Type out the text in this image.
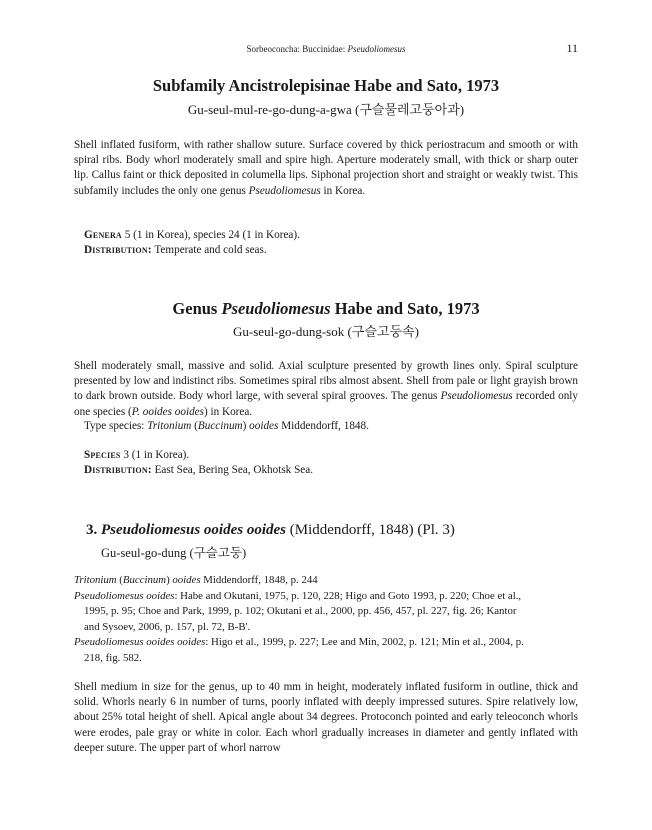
Sorbeoconcha: Buccinidae: Pseudoliomesus	11
Subfamily Ancistrolepisinae Habe and Sato, 1973
Gu-seul-mul-re-go-dung-a-gwa (구슬물레고둥아과)
Shell inflated fusiform, with rather shallow suture. Surface covered by thick periostracum and smooth or with spiral ribs. Body whorl moderately small and spire high. Aperture moderately small, with thick or sharp outer lip. Callus faint or thick deposited in columella lips. Siphonal projection short and straight or weakly twist. This subfamily includes the only one genus Pseudoliomesus in Korea.
Genera 5 (1 in Korea), species 24 (1 in Korea).
Distribution: Temperate and cold seas.
Genus Pseudoliomesus Habe and Sato, 1973
Gu-seul-go-dung-sok (구슬고둥속)
Shell moderately small, massive and solid. Axial sculpture presented by growth lines only. Spiral sculpture presented by low and indistinct ribs. Sometimes spiral ribs almost absent. Shell from pale or light grayish brown to dark brown outside. Body whorl large, with several spiral grooves. The genus Pseudoliomesus recorded only one species (P. ooides ooides) in Korea.
Type species: Tritonium (Buccinum) ooides Middendorff, 1848.
Species 3 (1 in Korea).
Distribution: East Sea, Bering Sea, Okhotsk Sea.
3. Pseudoliomesus ooides ooides (Middendorff, 1848) (Pl. 3)
Gu-seul-go-dung (구슬고둥)
Tritonium (Buccinum) ooides Middendorff, 1848, p. 244
Pseudoliomesus ooides: Habe and Okutani, 1975, p. 120, 228; Higo and Goto 1993, p. 220; Choe et al.,
1995, p. 95; Choe and Park, 1999, p. 102; Okutani et al., 2000, pp. 456, 457, pl. 227, fig. 26; Kantor
and Sysoev, 2006, p. 157, pl. 72, B-B'.
Pseudoliomesus ooides ooides: Higo et al., 1999, p. 227; Lee and Min, 2002, p. 121; Min et al., 2004, p.
218, fig. 582.
Shell medium in size for the genus, up to 40 mm in height, moderately inflated fusiform in outline, thick and solid. Whorls nearly 6 in number of turns, poorly inflated with deeply impressed sutures. Spire relatively low, about 25% total height of shell. Apical angle about 34 degrees. Protoconch pointed and early teleoconch whorls were erodes, pale gray or white in color. Each whorl gradually increases in diameter and gently inflated with deeper suture. The upper part of whorl narrow
